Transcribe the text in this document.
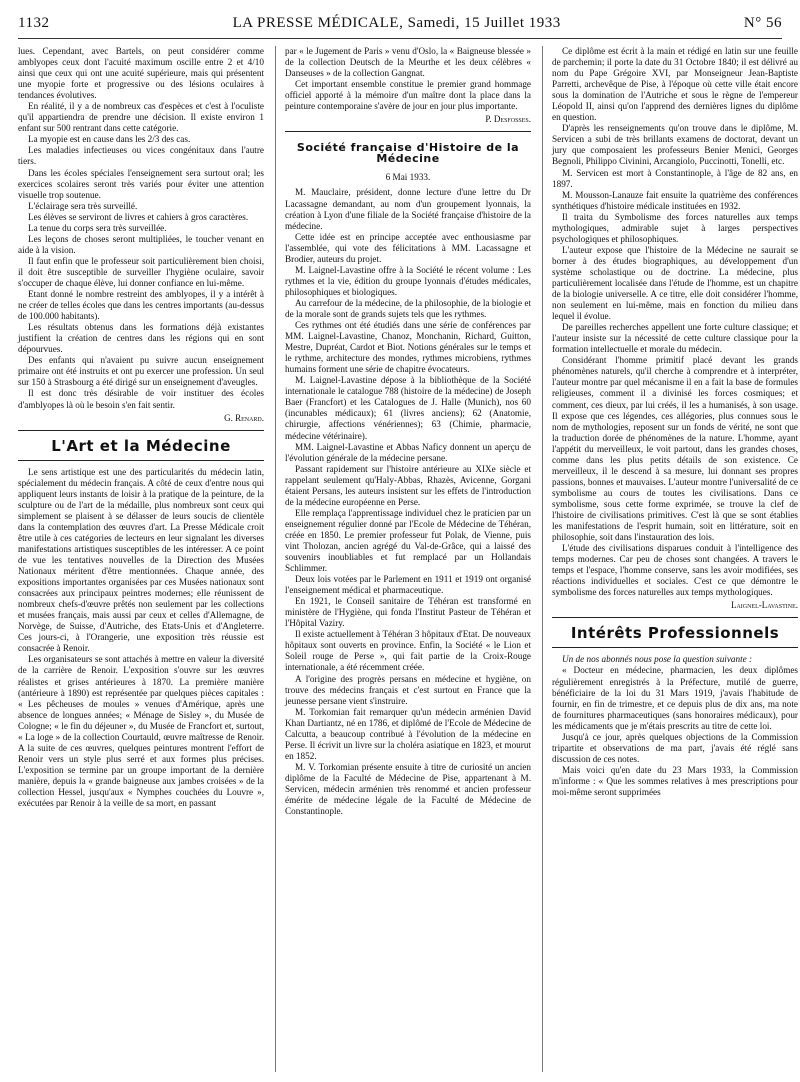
1132	LA PRESSE MÉDICALE, Samedi, 15 Juillet 1933	N° 56

lues. Cependant, avec Bartels, on peut considérer comme amblyopes ceux dont l'acuité maximum oscille entre 2 et 4/10 ainsi que ceux qui ont une acuité supérieure, mais qui présentent une myopie forte et progressive ou des lésions oculaires à tendances évolutives.

En réalité, il y a de nombreux cas d'espèces et c'est à l'oculiste qu'il appartiendra de prendre une décision. Il existe environ 1 enfant sur 500 rentrant dans cette catégorie.

La myopie est en cause dans les 2/3 des cas.

Les maladies infectieuses ou vices congénitaux dans l'autre tiers.

Dans les écoles spéciales l'enseignement sera surtout oral; les exercices scolaires seront très variés pour éviter une attention visuelle trop soutenue.

L'éclairage sera très surveillé.

Les élèves se serviront de livres et cahiers à gros caractères.

La tenue du corps sera très surveillée.

Les leçons de choses seront multipliées, le toucher venant en aide à la vision.

Il faut enfin que le professeur soit particulièrement bien choisi, il doit être susceptible de surveiller l'hygiène oculaire, savoir s'occuper de chaque élève, lui donner confiance en lui-même.

Etant donné le nombre restreint des amblyopes, il y a intérêt à ne créer de telles écoles que dans les centres importants (au-dessus de 100.000 habitants).

Les résultats obtenus dans les formations déjà existantes justifient la création de centres dans les régions qui en sont dépourvues.

Des enfants qui n'avaient pu suivre aucun enseignement primaire ont été instruits et ont pu exercer une profession. Un seul sur 150 à Strasbourg a été dirigé sur un enseignement d'aveugles.

Il est donc très désirable de voir instituer des écoles d'amblyopes là où le besoin s'en fait sentir.

G. Renard.
L'Art et la Médecine

Le sens artistique est une des particularités du médecin latin, spécialement du médecin français. A côté de ceux d'entre nous qui appliquent leurs instants de loisir à la pratique de la peinture, de la sculpture ou de l'art de la médaille, plus nombreux sont ceux qui simplement se plaisent à se délasser de leurs soucis de clientèle dans la contemplation des œuvres d'art. La Presse Médicale croit être utile à ces catégories de lecteurs en leur signalant les diverses manifestations artistiques susceptibles de les intéresser. A ce point de vue les tentatives nouvelles de la Direction des Musées Nationaux méritent d'être mentionnées. Chaque année, des expositions importantes organisées par ces Musées nationaux sont consacrées aux principaux peintres modernes; elle réunissent de nombreux chefs-d'œuvre prêtés non seulement par les collections et musées français, mais aussi par ceux et celles d'Allemagne, de Norvège, de Suisse, d'Autriche, des Etats-Unis et d'Angleterre. Ces jours-ci, à l'Orangerie, une exposition très réussie est consacrée à Renoir.

Les organisateurs se sont attachés à mettre en valeur la diversité de la carrière de Renoir. L'exposition s'ouvre sur les œuvres réalistes et grises antérieures à 1870. La première manière (antérieure à 1890) est représentée par quelques pièces capitales : « Les pêcheuses de moules » venues d'Amérique, après une absence de longues années; « Ménage de Sisley », du Musée de Cologne; « le fin du déjeuner », du Musée de Francfort et, surtout, « La loge » de la collection Courtauld, œuvre maîtresse de Renoir. A la suite de ces œuvres, quelques peintures montrent l'effort de Renoir vers un style plus serré et aux formes plus précises. L'exposition se termine par un groupe important de la dernière manière, depuis la « grande baigneuse aux jambes croisées » de la collection Hessel, jusqu'aux « Nymphes couchées du Louvre », exécutées par Renoir à la veille de sa mort, en passant

par « le Jugement de Paris » venu d'Oslo, la « Baigneuse blessée » de la collection Deutsch de la Meurthe et les deux célèbres « Danseuses » de la collection Gangnat.

Cet important ensemble constitue le premier grand hommage officiel apporté à la mémoire d'un maître dont la place dans la peinture contemporaine s'avère de jour en jour plus importante.

P. Desfosses.
Société française d'Histoire de la Médecine
6 Mai 1933.

M. Mauclaire, président, donne lecture d'une lettre du Dr Lacassagne demandant, au nom d'un groupement lyonnais, la création à Lyon d'une filiale de la Société française d'histoire de la médecine.

Cette idée est en principe acceptée avec enthousiasme par l'assemblée, qui vote des félicitations à MM. Lacassagne et Brodier, auteurs du projet.

M. Laignel-Lavastine offre à la Société le récent volume : Les rythmes et la vie, édition du groupe lyonnais d'études médicales, philosophiques et biologiques.

Au carrefour de la médecine, de la philosophie, de la biologie et de la morale sont de grands sujets tels que les rythmes.

Ces rythmes ont été étudiés dans une série de conférences par MM. Laignel-Lavastine, Chanoz, Monchanin, Richard, Guitton, Mestre, Dupréat, Cardot et Biot. Notions générales sur le temps et le rythme, architecture des mondes, rythmes microbiens, rythmes humains forment une série de chapitre évocateurs.

M. Laignel-Lavastine dépose à la bibliothèque de la Société internationale le catalogue 788 (histoire de la médecine) de Joseph Baer (Francfort) et les Catalogues de J. Halle (Munich), nos 60 (incunables médicaux); 61 (livres anciens); 62 (Anatomie, chirurgie, affections vénériennes); 63 (Chimie, pharmacie, médecine vétérinaire).

MM. Laignel-Lavastine et Abbas Naficy donnent un aperçu de l'évolution générale de la médecine persane.

Passant rapidement sur l'histoire antérieure au XIXe siècle et rappelant seulement qu'Haly-Abbas, Rhazès, Avicenne, Gorgani étaient Persans, les auteurs insistent sur les effets de l'introduction de la médecine européenne en Perse.

Elle remplaça l'apprentissage individuel chez le praticien par un enseignement régulier donné par l'Ecole de Médecine de Téhéran, créée en 1850. Le premier professeur fut Polak, de Vienne, puis vint Tholozan, ancien agrégé du Val-de-Grâce, qui a laissé des souvenirs inoubliables et fut remplacé par un Hollandais Schlimmer.

Deux lois votées par le Parlement en 1911 et 1919 ont organisé l'enseignement médical et pharmaceutique.

En 1921, le Conseil sanitaire de Téhéran est transformé en ministère de l'Hygiène, qui fonda l'Institut Pasteur de Téhéran et l'Hôpital Vaziry.

Il existe actuellement à Téhéran 3 hôpitaux d'Etat. De nouveaux hôpitaux sont ouverts en province. Enfin, la Société « le Lion et Soleil rouge de Perse », qui fait partie de la Croix-Rouge internationale, a été récemment créée.

A l'origine des progrès persans en médecine et hygiène, on trouve des médecins français et c'est surtout en France que la jeunesse persane vient s'instruire.

M. Torkomian fait remarquer qu'un médecin arménien David Khan Dartiantz, né en 1786, et diplômé de l'Ecole de Médecine de Calcutta, a beaucoup contribué à l'évolution de la médecine en Perse. Il écrivit un livre sur la choléra asiatique en 1823, et mourut en 1852.

M. V. Torkomian présente ensuite à titre de curiosité un ancien diplôme de la Faculté de Médecine de Pise, appartenant à M. Servicen, médecin arménien très renommé et ancien professeur émérite de médecine légale de la Faculté de Médecine de Constantinople.

Ce diplôme est écrit à la main et rédigé en latin sur une feuille de parchemin; il porte la date du 31 Octobre 1840; il est délivré au nom du Pape Grégoire XVI, par Monseigneur Jean-Baptiste Parretti, archevêque de Pise, à l'époque où cette ville était encore sous la domination de l'Autriche et sous le règne de l'empereur Léopold II, ainsi qu'on l'apprend des dernières lignes du diplôme en question.

D'après les renseignements qu'on trouve dans le diplôme, M. Servicen a subi de très brillants examens de doctorat, devant un jury que composaient les professeurs Benier Menici, Georges Begnoli, Philippo Civinini, Arcangiolo, Puccinotti, Tonelli, etc.

M. Servicen est mort à Constantinople, à l'âge de 82 ans, en 1897.

M. Mousson-Lanauze fait ensuite la quatrième des conférences synthétiques d'histoire médicale instituées en 1932.

Il traita du Symbolisme des forces naturelles aux temps mythologiques, admirable sujet à larges perspectives psychologiques et philosophiques.

L'auteur expose que l'histoire de la Médecine ne saurait se borner à des études biographiques, au développement d'un système scholastique ou de doctrine. La médecine, plus particulièrement localisée dans l'étude de l'homme, est un chapitre de la biologie universelle. A ce titre, elle doit considérer l'homme, non seulement en lui-même, mais en fonction du milieu dans lequel il évolue.

De pareilles recherches appellent une forte culture classique; et l'auteur insiste sur la nécessité de cette culture classique pour la formation intellectuelle et morale du médecin.

Considérant l'homme primitif placé devant les grands phénomènes naturels, qu'il cherche à comprendre et à interpréter, l'auteur montre par quel mécanisme il en a fait la base de formules religieuses, comment il a divinisé les forces cosmiques; et comment, ces dieux, par lui créés, il les a humanisés, à son usage. Il expose que ces légendes, ces allégories, plus connues sous le nom de mythologies, reposent sur un fonds de vérité, ne sont que la traduction dorée de phénomènes de la nature. L'homme, ayant l'appétit du merveilleux, le voit partout, dans les grandes choses, comme dans les plus petits détails de son existence. Ce merveilleux, il le descend à sa mesure, lui donnant ses propres passions, bonnes et mauvaises. L'auteur montre l'universalité de ce symbolisme au cours de toutes les civilisations. Dans ce symbolisme, sous cette forme exprimée, se trouve la clef de l'histoire de civilisations primitives. C'est là que se sont établies les manifestations de l'esprit humain, soit en littérature, soit en philosophie, soit dans l'instauration des lois.

L'étude des civilisations disparues conduit à l'intelligence des temps modernes. Car peu de choses sont changées. A travers le temps et l'espace, l'homme conserve, sans les avoir modifiées, ses réactions individuelles et sociales. C'est ce que démontre le symbolisme des forces naturelles aux temps mythologiques.

Laignel-Lavastine.
Intérêts Professionnels

Un de nos abonnés nous pose la question suivante :

« Docteur en médecine, pharmacien, les deux diplômes régulièrement enregistrés à la Préfecture, mutilé de guerre, bénéficiaire de la loi du 31 Mars 1919, j'avais l'habitude de fournir, en fin de trimestre, et ce depuis plus de dix ans, ma note de fournitures pharmaceutiques (sans honoraires médicaux), pour les médicaments que je m'étais prescrits au titre de cette loi.

Jusqu'à ce jour, après quelques objections de la Commission tripartite et observations de ma part, j'avais été réglé sans discussion de ces notes.

Mais voici qu'en date du 23 Mars 1933, la Commission m'informe : « Que les sommes relatives à mes prescriptions pour moi-même seront supprimées
